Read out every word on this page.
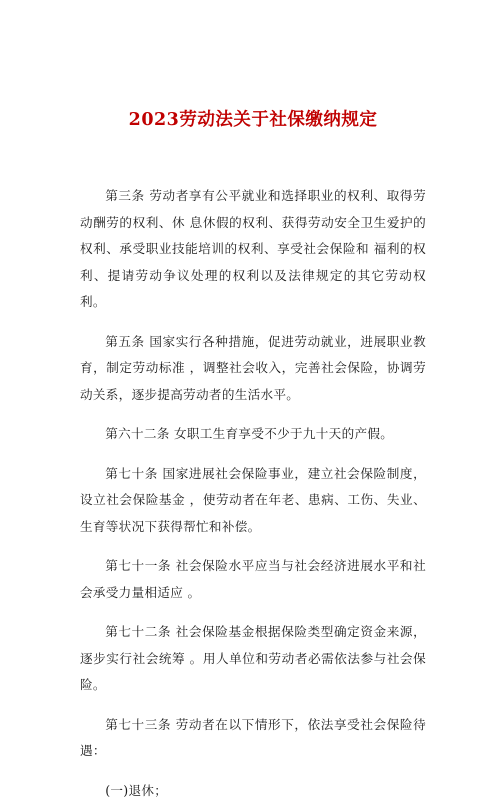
2023劳动法关于社保缴纳规定

第三条 劳动者享有公平就业和选择职业的权利、取得劳动酬劳的权利、休 息休假的权利、获得劳动安全卫生爱护的权利、承受职业技能培训的权利、享受社会保险和 福利的权利、提请劳动争议处理的权利以及法律规定的其它劳动权利。

第五条 国家实行各种措施，促进劳动就业，进展职业教育，制定劳动标准 ，调整社会收入，完善社会保险，协调劳动关系，逐步提高劳动者的生活水平。

第六十二条 女职工生育享受不少于九十天的产假。

第七十条 国家进展社会保险事业，建立社会保险制度，设立社会保险基金 ，使劳动者在年老、患病、工伤、失业、生育等状况下获得帮忙和补偿。

第七十一条 社会保险水平应当与社会经济进展水平和社会承受力量相适应 。

第七十二条 社会保险基金根据保险类型确定资金来源，逐步实行社会统筹 。用人单位和劳动者必需依法参与社会保险。

第七十三条 劳动者在以下情形下，依法享受社会保险待遇：

(一)退休；
